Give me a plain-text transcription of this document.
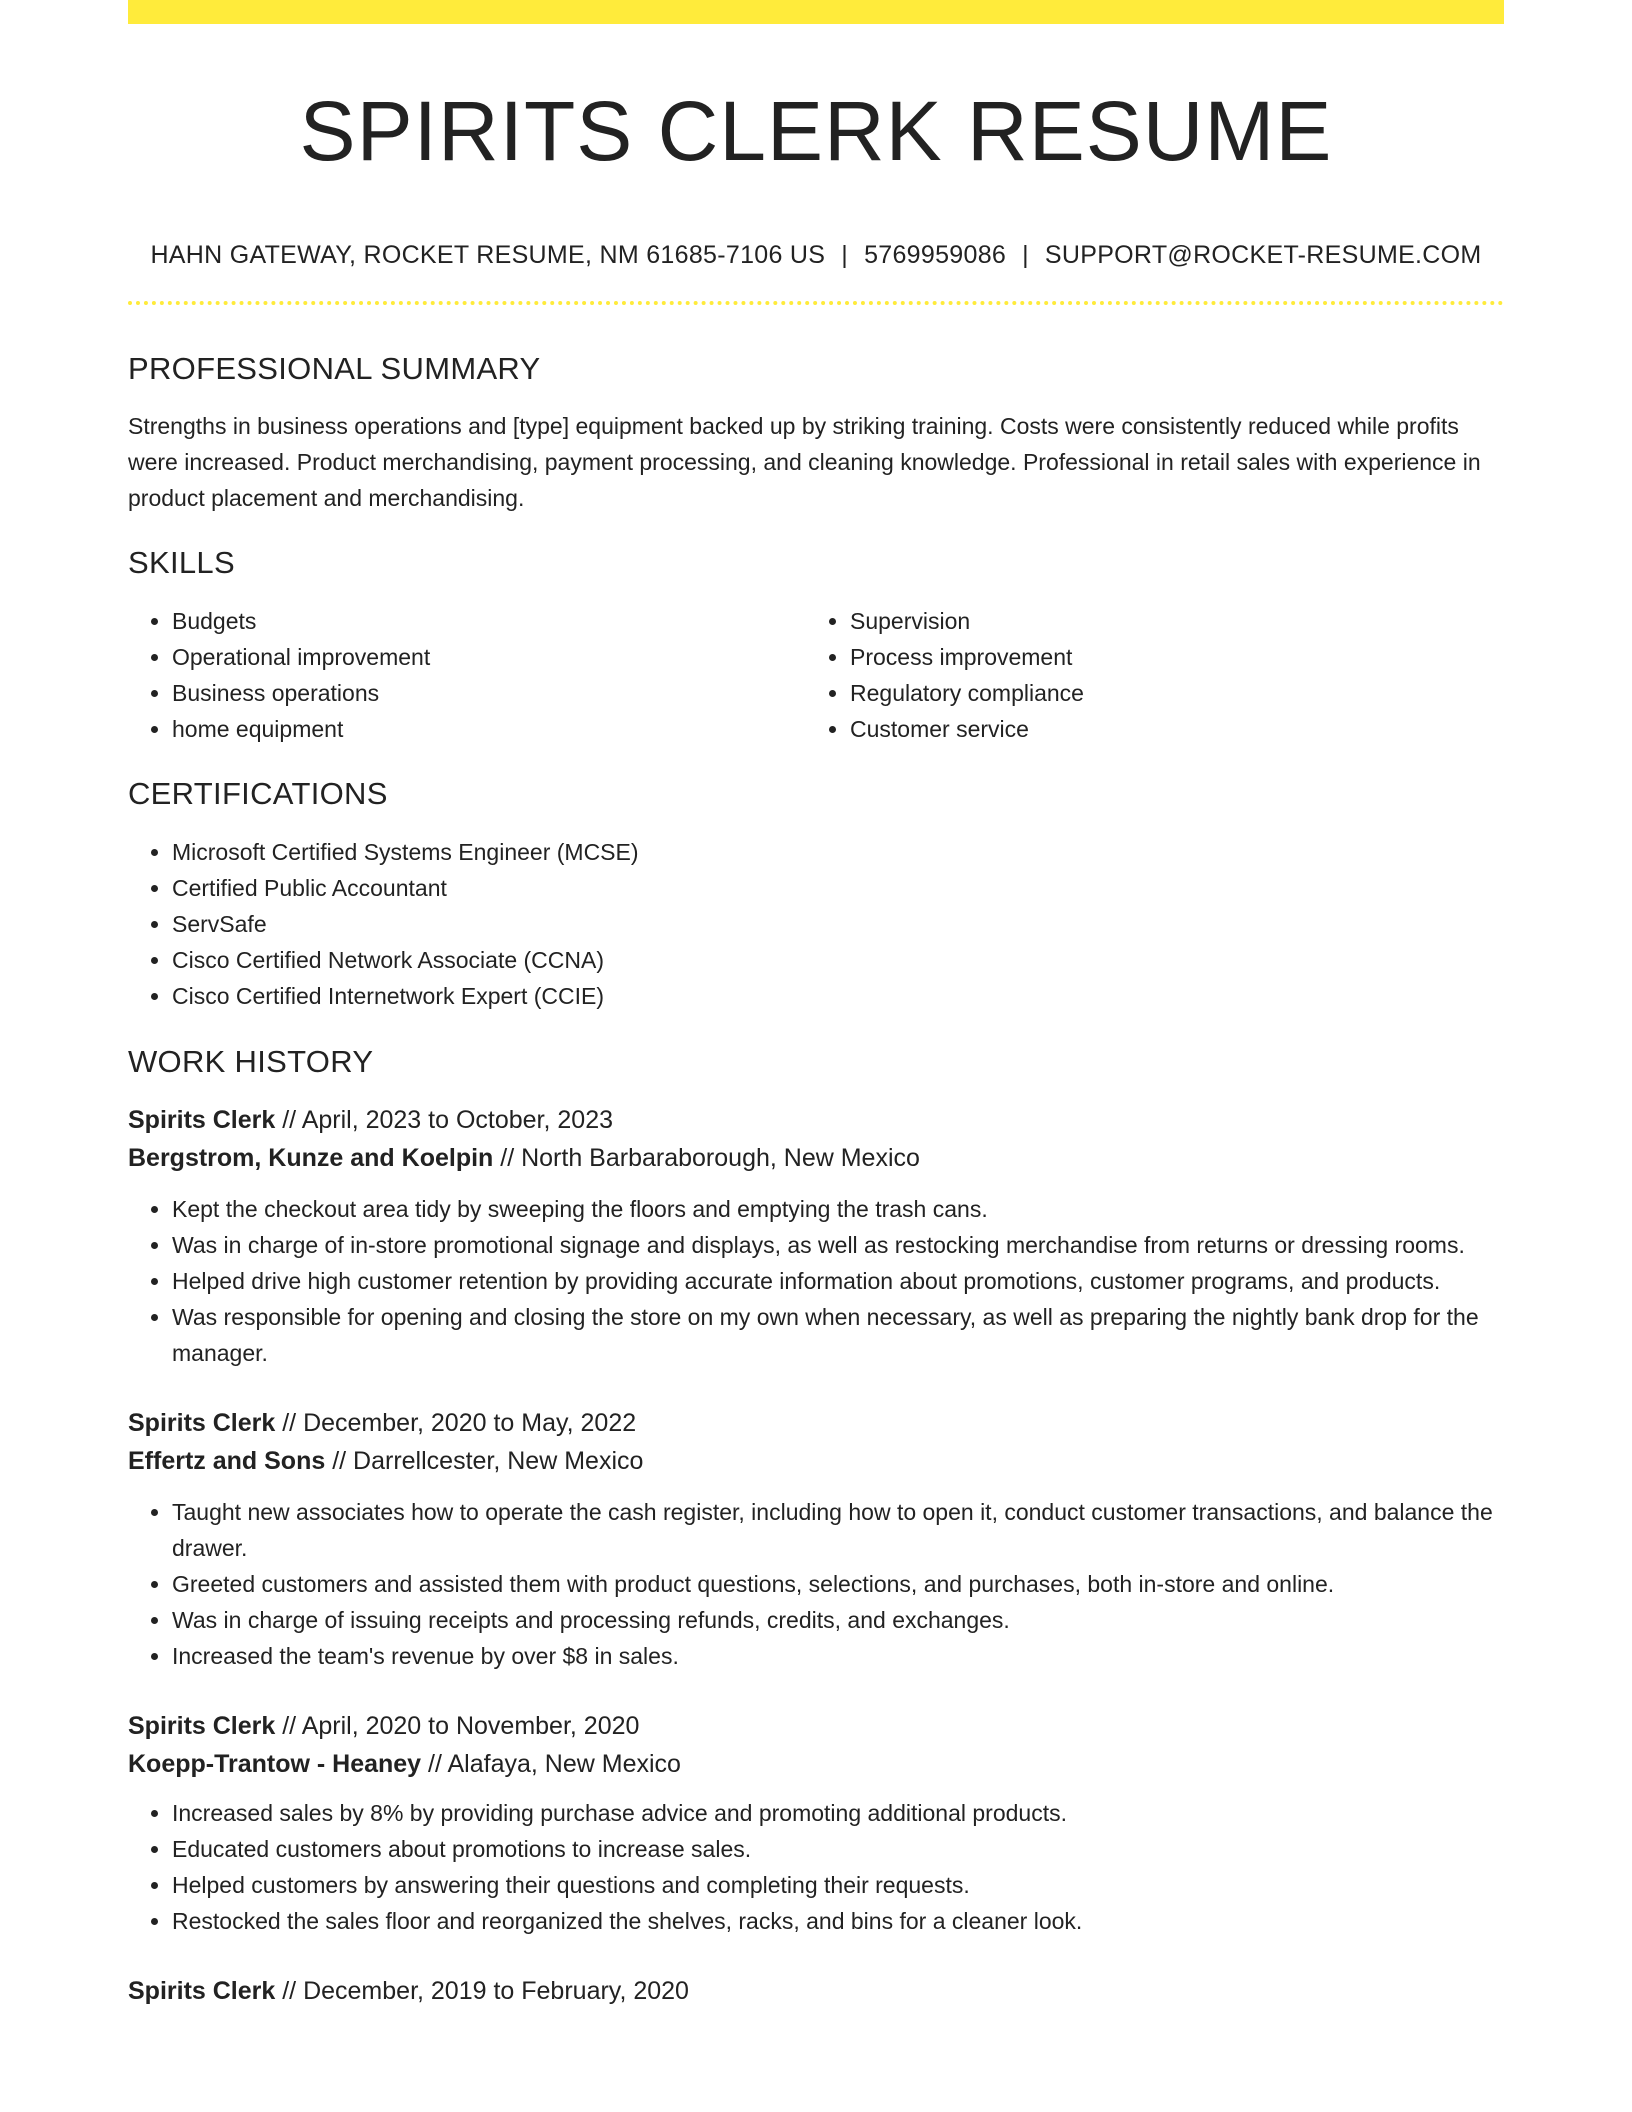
SPIRITS CLERK RESUME
HAHN GATEWAY, ROCKET RESUME, NM 61685-7106 US | 5769959086 | SUPPORT@ROCKET-RESUME.COM
PROFESSIONAL SUMMARY

Strengths in business operations and [type] equipment backed up by striking training. Costs were consistently reduced while profits were increased. Product merchandising, payment processing, and cleaning knowledge. Professional in retail sales with experience in product placement and merchandising.

SKILLS
• Budgets
• Operational improvement
• Business operations
• home equipment
• Supervision
• Process improvement
• Regulatory compliance
• Customer service
CERTIFICATIONS
• Microsoft Certified Systems Engineer (MCSE)
• Certified Public Accountant
• ServSafe
• Cisco Certified Network Associate (CCNA)
• Cisco Certified Internetwork Expert (CCIE)
WORK HISTORY
Spirits Clerk // April, 2023 to October, 2023
Bergstrom, Kunze and Koelpin // North Barbaraborough, New Mexico
• Kept the checkout area tidy by sweeping the floors and emptying the trash cans.
• Was in charge of in-store promotional signage and displays, as well as restocking merchandise from returns or dressing rooms.
• Helped drive high customer retention by providing accurate information about promotions, customer programs, and products.
• Was responsible for opening and closing the store on my own when necessary, as well as preparing the nightly bank drop for the manager.
Spirits Clerk // December, 2020 to May, 2022
Effertz and Sons // Darrellcester, New Mexico
• Taught new associates how to operate the cash register, including how to open it, conduct customer transactions, and balance the drawer.
• Greeted customers and assisted them with product questions, selections, and purchases, both in-store and online.
• Was in charge of issuing receipts and processing refunds, credits, and exchanges.
• Increased the team's revenue by over $8 in sales.
Spirits Clerk // April, 2020 to November, 2020
Koepp-Trantow - Heaney // Alafaya, New Mexico
• Increased sales by 8% by providing purchase advice and promoting additional products.
• Educated customers about promotions to increase sales.
• Helped customers by answering their questions and completing their requests.
• Restocked the sales floor and reorganized the shelves, racks, and bins for a cleaner look.
Spirits Clerk // December, 2019 to February, 2020
